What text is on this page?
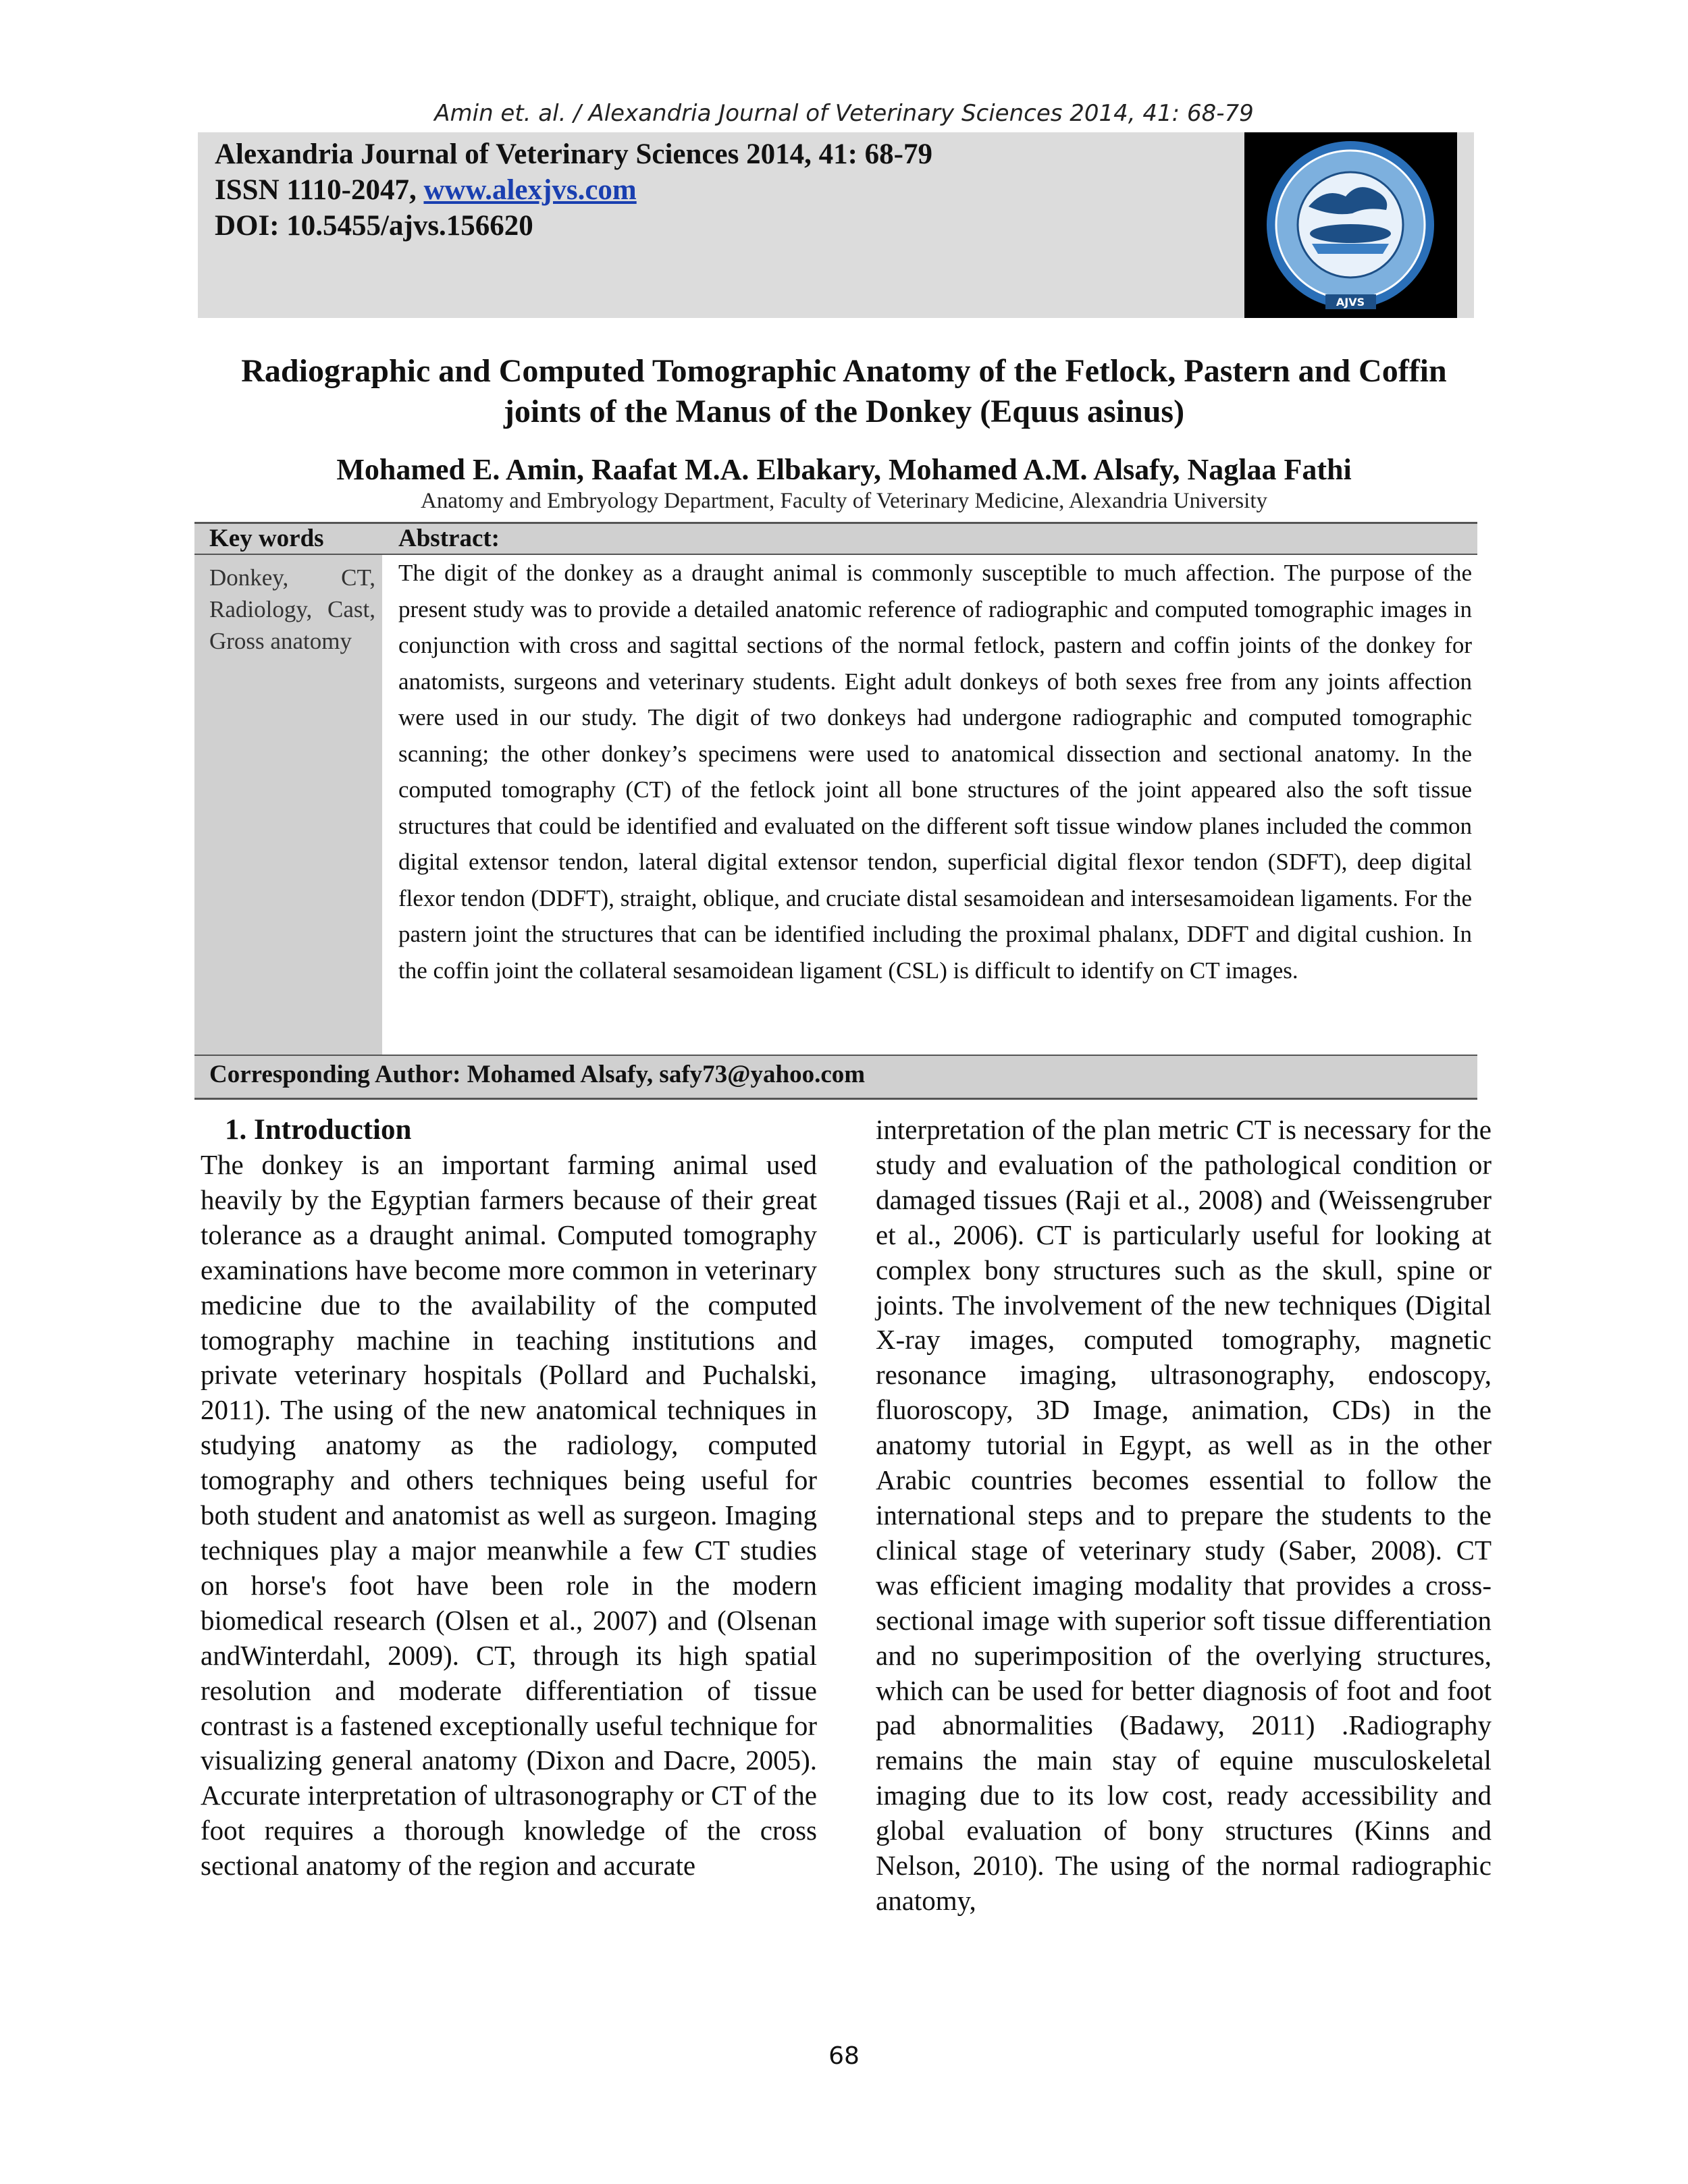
Amin et. al. / Alexandria Journal of Veterinary Sciences 2014, 41: 68-79
Alexandria Journal of Veterinary Sciences 2014, 41: 68-79
ISSN 1110-2047, www.alexjvs.com
DOI: 10.5455/ajvs.156620
AJVS
Radiographic and Computed Tomographic Anatomy of the Fetlock, Pastern and Coffin joints of the Manus of the Donkey (Equus asinus)
Mohamed E. Amin, Raafat M.A. Elbakary, Mohamed A.M. Alsafy, Naglaa Fathi
Anatomy and Embryology Department, Faculty of Veterinary Medicine, Alexandria University
Key words	Abstract:
Donkey, CT, Radiology, Cast, Gross anatomy
The digit of the donkey as a draught animal is commonly susceptible to much affection. The purpose of the present study was to provide a detailed anatomic reference of radiographic and computed tomographic images in conjunction with cross and sagittal sections of the normal fetlock, pastern and coffin joints of the donkey for anatomists, surgeons and veterinary students. Eight adult donkeys of both sexes free from any joints affection were used in our study. The digit of two donkeys had undergone radiographic and computed tomographic scanning; the other donkey’s specimens were used to anatomical dissection and sectional anatomy. In the computed tomography (CT) of the fetlock joint all bone structures of the joint appeared also the soft tissue structures that could be identified and evaluated on the different soft tissue window planes included the common digital extensor tendon, lateral digital extensor tendon, superficial digital flexor tendon (SDFT), deep digital flexor tendon (DDFT), straight, oblique, and cruciate distal sesamoidean and intersesamoidean ligaments. For the pastern joint the structures that can be identified including the proximal phalanx, DDFT and digital cushion. In the coffin joint the collateral sesamoidean ligament (CSL) is difficult to identify on CT images.
Corresponding Author: Mohamed Alsafy, safy73@yahoo.com
1. Introduction
The donkey is an important farming animal used heavily by the Egyptian farmers because of their great tolerance as a draught animal. Computed tomography examinations have become more common in veterinary medicine due to the availability of the computed tomography machine in teaching institutions and private veterinary hospitals (Pollard and Puchalski, 2011). The using of the new anatomical techniques in studying anatomy as the radiology, computed tomography and others techniques being useful for both student and anatomist as well as surgeon. Imaging techniques play a major meanwhile a few CT studies on horse's foot have been role in the modern biomedical research (Olsen et al., 2007) and (Olsenan andWinterdahl, 2009). CT, through its high spatial resolution and moderate differentiation of tissue contrast is a fastened exceptionally useful technique for visualizing general anatomy (Dixon and Dacre, 2005). Accurate interpretation of ultrasonography or CT of the foot requires a thorough knowledge of the cross sectional anatomy of the region and accurate
interpretation of the plan metric CT is necessary for the study and evaluation of the pathological condition or damaged tissues (Raji et al., 2008) and (Weissengruber et al., 2006). CT is particularly useful for looking at complex bony structures such as the skull, spine or joints. The involvement of the new techniques (Digital X-ray images, computed tomography, magnetic resonance imaging, ultrasonography, endoscopy, fluoroscopy, 3D Image, animation, CDs) in the anatomy tutorial in Egypt, as well as in the other Arabic countries becomes essential to follow the international steps and to prepare the students to the clinical stage of veterinary study (Saber, 2008). CT was efficient imaging modality that provides a cross-sectional image with superior soft tissue differentiation and no superimposition of the overlying structures, which can be used for better diagnosis of foot and foot pad abnormalities (Badawy, 2011) .Radiography remains the main stay of equine musculoskeletal imaging due to its low cost, ready accessibility and global evaluation of bony structures (Kinns and Nelson, 2010). The using of the normal radiographic anatomy,
68
